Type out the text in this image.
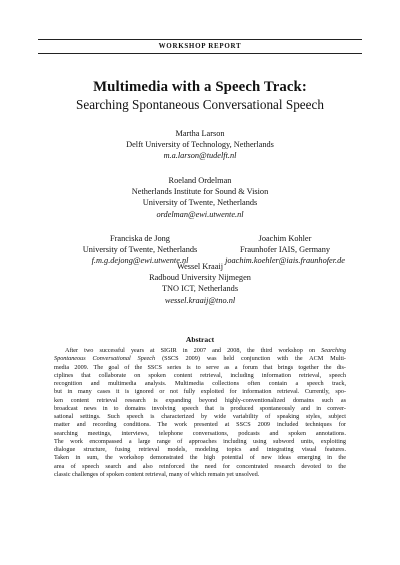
WORKSHOP REPORT
Multimedia with a Speech Track:
Searching Spontaneous Conversational Speech
Martha Larson
Delft University of Technology, Netherlands
m.a.larson@tudelft.nl
Roeland Ordelman
Netherlands Institute for Sound & Vision
University of Twente, Netherlands
ordelman@ewi.utwente.nl
Franciska de Jong
University of Twente, Netherlands
f.m.g.dejong@ewi.utwente.nl
Joachim Kohler
Fraunhofer IAIS, Germany
joachim.koehler@iais.fraunhofer.de
Wessel Kraaij
Radboud University Nijmegen
TNO ICT, Netherlands
wessel.kraaij@tno.nl
Abstract
After two successful years at SIGIR in 2007 and 2008, the third workshop on Searching
Spontaneous Conversational Speech (SSCS 2009) was held conjunction with the ACM Multi-
media 2009. The goal of the SSCS series is to serve as a forum that brings together the dis-
ciplines that collaborate on spoken content retrieval, including information retrieval, speech
recognition and multimedia analysis. Multimedia collections often contain a speech track,
but in many cases it is ignored or not fully exploited for information retrieval. Currently, spo-
ken content retrieval research is expanding beyond highly-conventionalized domains such as
broadcast news in to domains involving speech that is produced spontaneously and in conver-
sational settings. Such speech is characterized by wide variability of speaking styles, subject
matter and recording conditions. The work presented at SSCS 2009 included techniques for
searching meetings, interviews, telephone conversations, podcasts and spoken annotations.
The work encompassed a large range of approaches including using subword units, exploiting
dialogue structure, fusing retrieval models, modeling topics and integrating visual features.
Taken in sum, the workshop demonstrated the high potential of new ideas emerging in the
area of speech search and also reinforced the need for concentrated research devoted to the
classic challenges of spoken content retrieval, many of which remain yet unsolved.
